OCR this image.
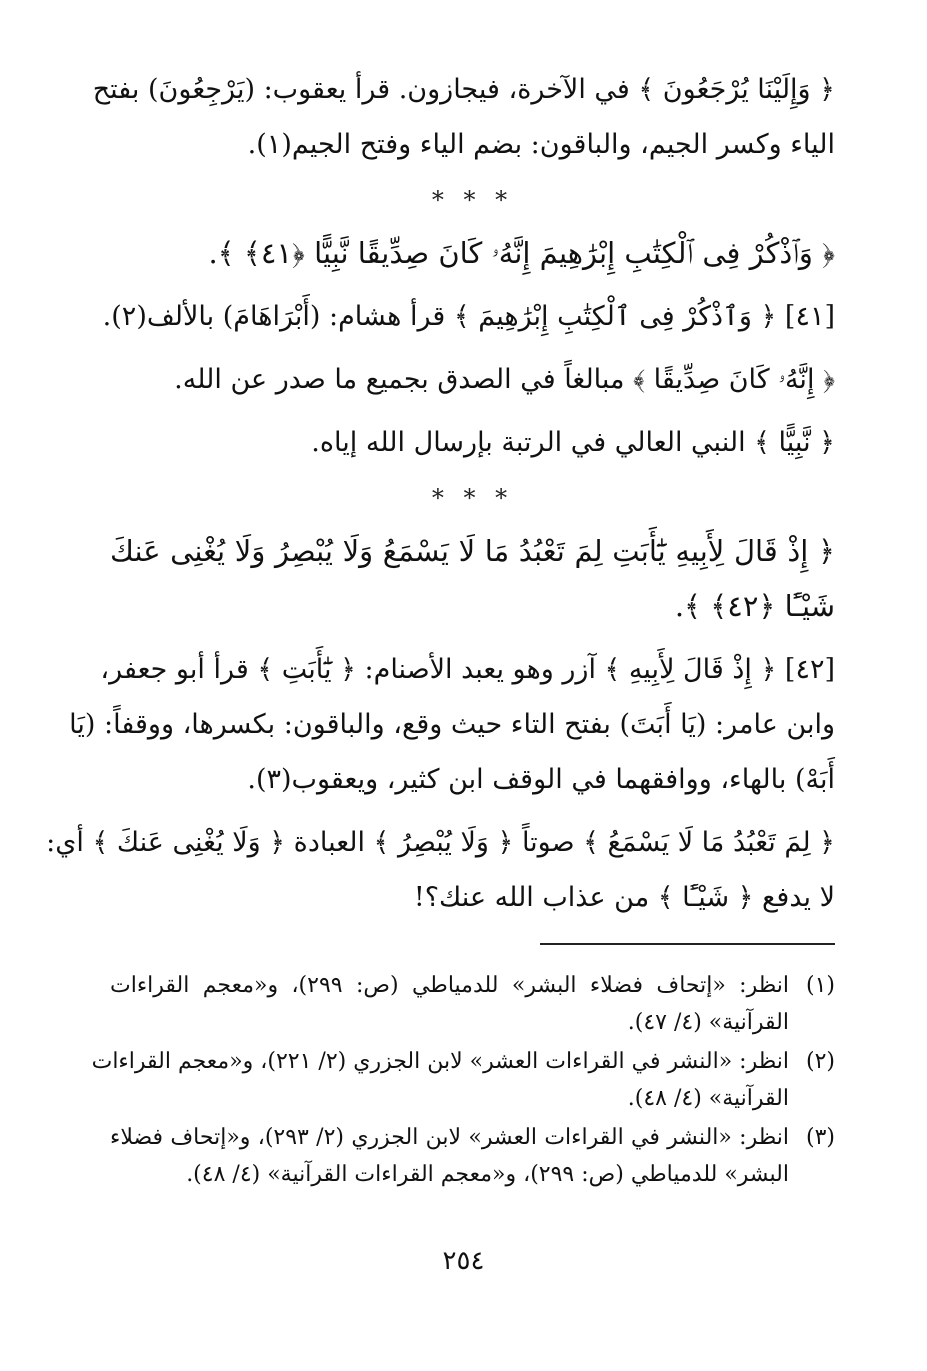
﴿ وَإِلَيْنَا يُرْجَعُونَ ﴾ في الآخرة، فيجازون. قرأ يعقوب: (يَرْجِعُونَ) بفتح
الياء وكسر الجيم، والباقون: بضم الياء وفتح الجيم(١).
* * *
﴿ وَٱذْكُرْ فِى ٱلْكِتَٰبِ إِبْرَٰهِيمَ إِنَّهُۥ كَانَ صِدِّيقًا نَّبِيًّا ﴿٤١﴾ ﴾.
[٤١] ﴿ وَٱذْكُرْ فِى ٱلْكِتَٰبِ إِبْرَٰهِيمَ ﴾ قرأ هشام: (أَبْرَاهَامَ) بالألف(٢).
﴿ إِنَّهُۥ كَانَ صِدِّيقًا ﴾ مبالغاً في الصدق بجميع ما صدر عن الله.
﴿ نَّبِيًّا ﴾ النبي العالي في الرتبة بإرسال الله إياه.
* * *
﴿ إِذْ قَالَ لِأَبِيهِ يَٰٓأَبَتِ لِمَ تَعْبُدُ مَا لَا يَسْمَعُ وَلَا يُبْصِرُ وَلَا يُغْنِى عَنكَ
شَيْـًٔا ﴿٤٢﴾ ﴾.
[٤٢] ﴿ إِذْ قَالَ لِأَبِيهِ ﴾ آزر وهو يعبد الأصنام: ﴿ يَٰٓأَبَتِ ﴾ قرأ أبو جعفر،
وابن عامر: (يَا أَبَتَ) بفتح التاء حيث وقع، والباقون: بكسرها، ووقفاً: (يَا
أَبَهْ) بالهاء، ووافقهما في الوقف ابن كثير، ويعقوب(٣).
﴿ لِمَ تَعْبُدُ مَا لَا يَسْمَعُ ﴾ صوتاً ﴿ وَلَا يُبْصِرُ ﴾ العبادة ﴿ وَلَا يُغْنِى عَنكَ ﴾ أي:
لا يدفع ﴿ شَيْـًٔا ﴾ من عذاب الله عنك؟!
(١)
انظر: «إتحاف فضلاء البشر» للدمياطي (ص: ٢٩٩)، و«معجم القراءات
القرآنية» (٤/ ٤٧).
(٢)
انظر: «النشر في القراءات العشر» لابن الجزري (٢/ ٢٢١)، و«معجم القراءات
القرآنية» (٤/ ٤٨).
(٣)
انظر: «النشر في القراءات العشر» لابن الجزري (٢/ ٢٩٣)، و«إتحاف فضلاء
البشر» للدمياطي (ص: ٢٩٩)، و«معجم القراءات القرآنية» (٤/ ٤٨).
٢٥٤
